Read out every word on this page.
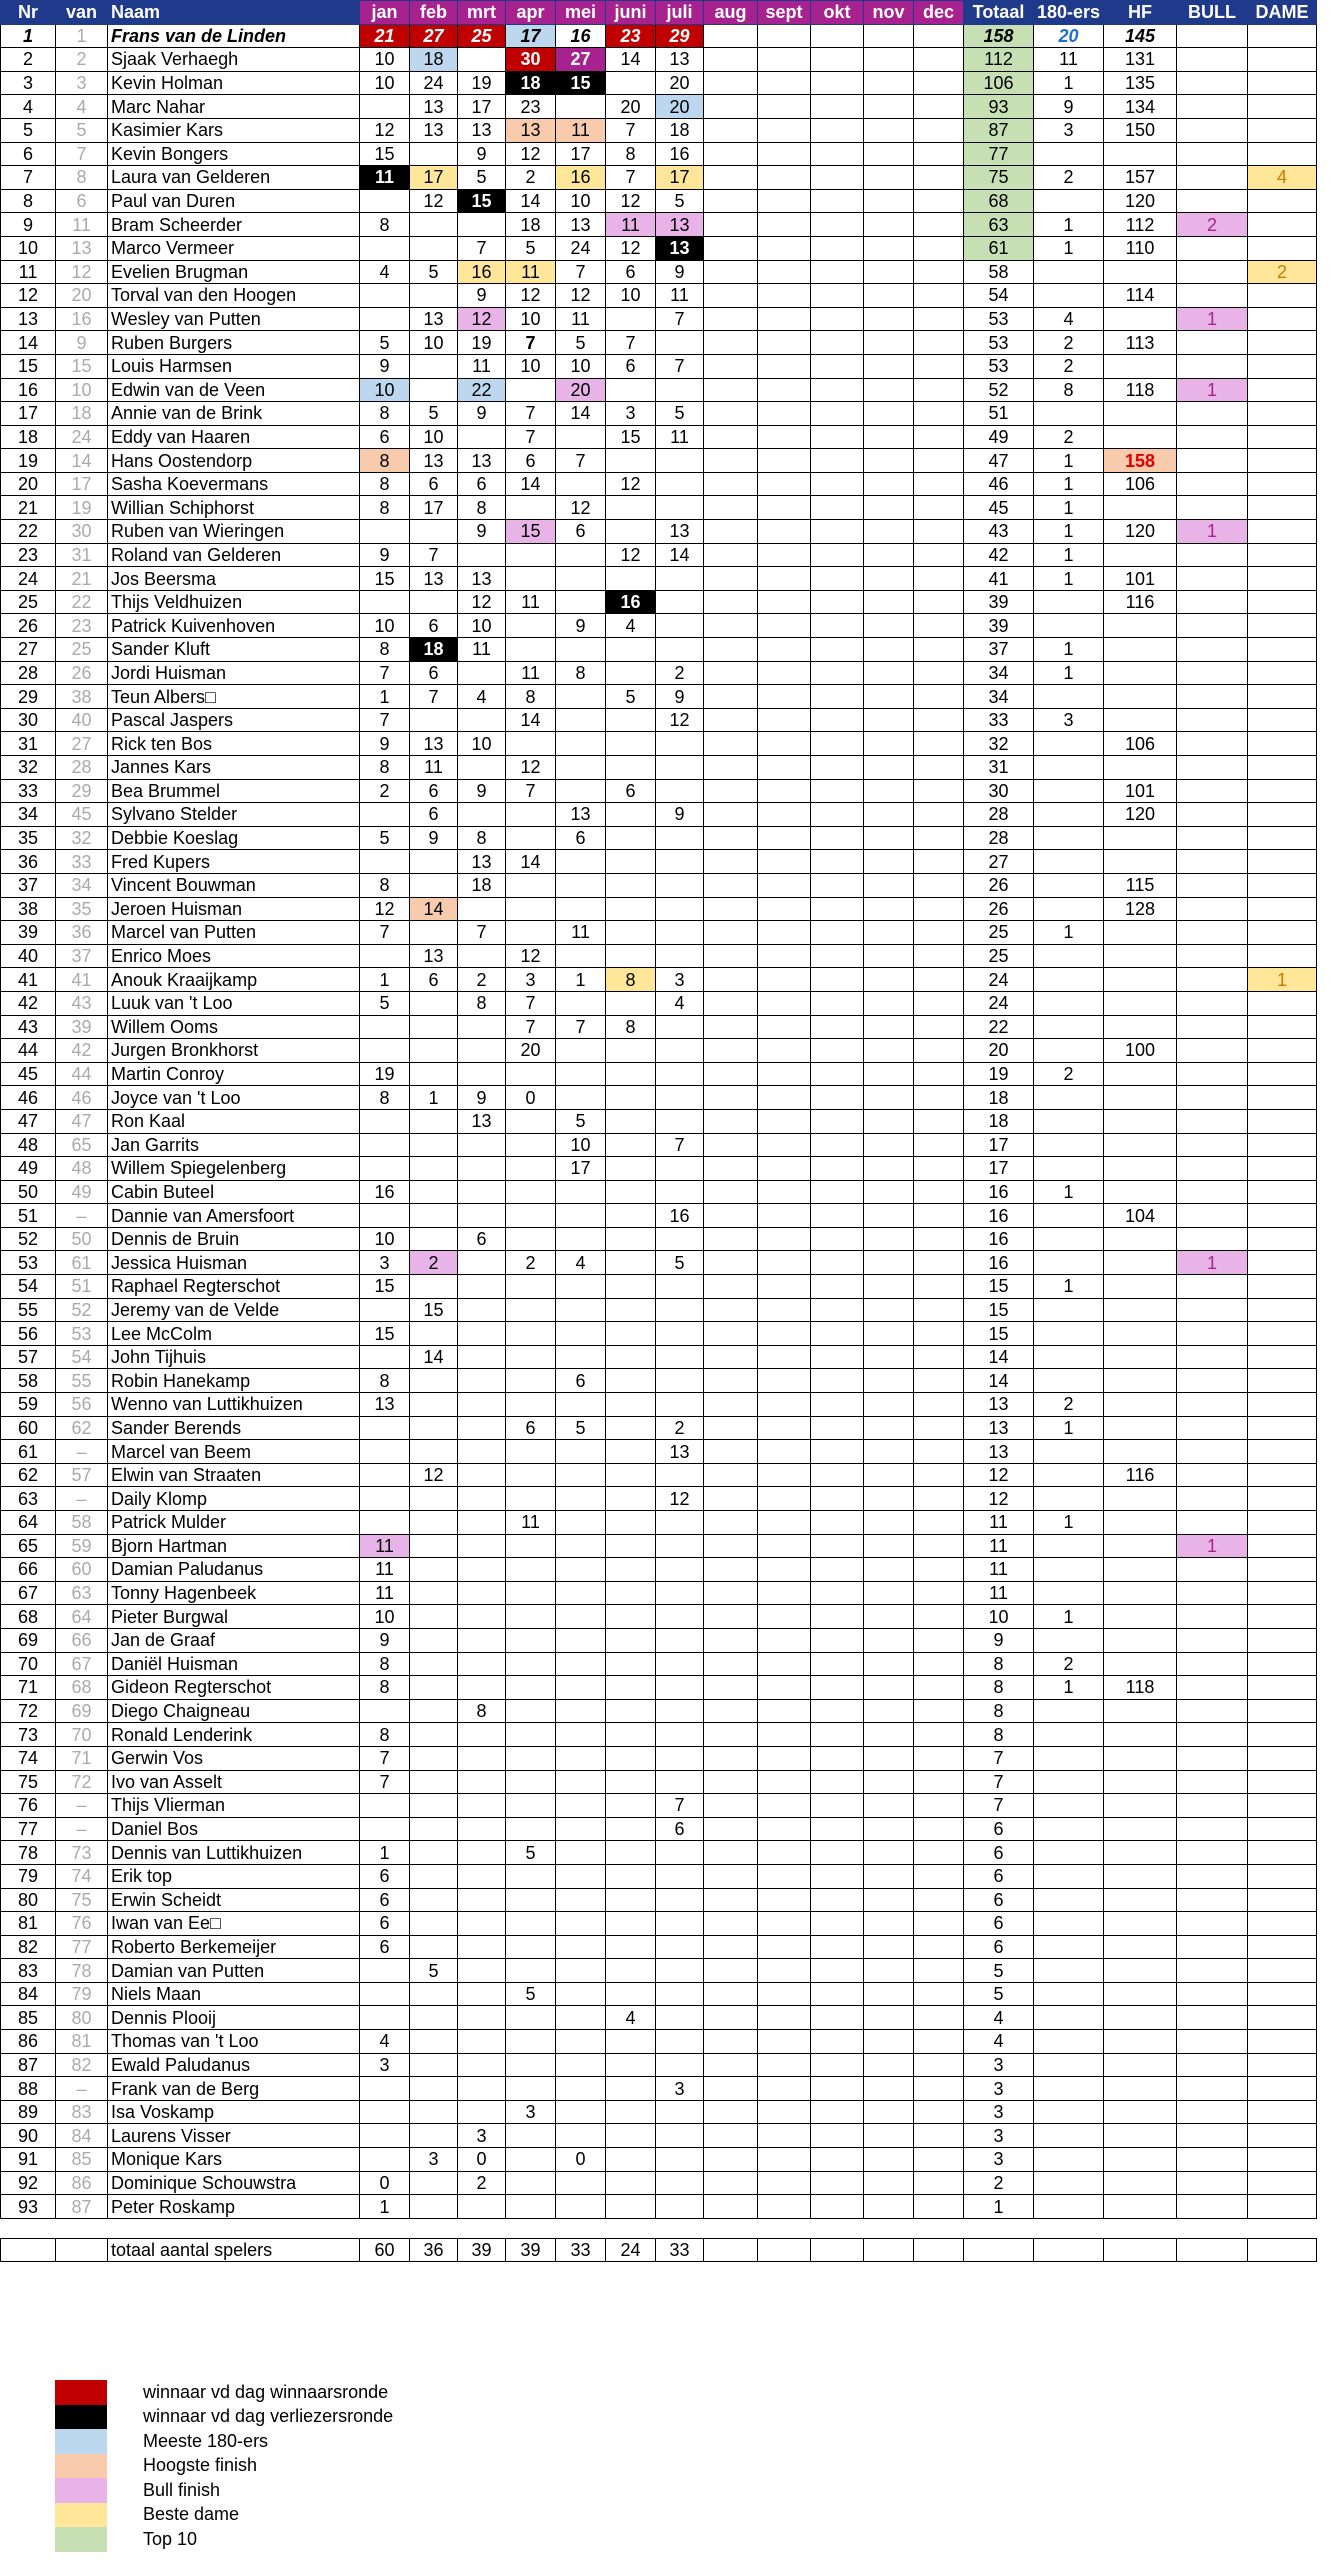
Nr	van	Naam	jan	feb	mrt	apr	mei	juni	juli	aug	sept	okt	nov	dec	Totaal	180-ers	HF	BULL	DAME
1	1	Frans van de Linden	21	27	25	17	16	23	29						158	20	145		
2	2	Sjaak Verhaegh	10	18		30	27	14	13						112	11	131		
3	3	Kevin Holman	10	24	19	18	15		20						106	1	135		
4	4	Marc Nahar		13	17	23		20	20						93	9	134		
5	5	Kasimier Kars	12	13	13	13	11	7	18						87	3	150		
6	7	Kevin Bongers	15		9	12	17	8	16						77				
7	8	Laura van Gelderen	11	17	5	2	16	7	17						75	2	157		4
8	6	Paul van Duren		12	15	14	10	12	5						68		120		
9	11	Bram Scheerder	8			18	13	11	13						63	1	112	2	
10	13	Marco Vermeer			7	5	24	12	13						61	1	110		
11	12	Evelien Brugman	4	5	16	11	7	6	9						58				2
12	20	Torval van den Hoogen			9	12	12	10	11						54		114		
13	16	Wesley van Putten		13	12	10	11		7						53	4		1	
14	9	Ruben Burgers	5	10	19	7	5	7							53	2	113		
15	15	Louis Harmsen	9		11	10	10	6	7						53	2			
16	10	Edwin van de Veen	10		22		20								52	8	118	1	
17	18	Annie van de Brink	8	5	9	7	14	3	5						51				
18	24	Eddy van Haaren	6	10		7		15	11						49	2			
19	14	Hans Oostendorp	8	13	13	6	7								47	1	158		
20	17	Sasha Koevermans	8	6	6	14		12							46	1	106		
21	19	Willian Schiphorst	8	17	8		12								45	1			
22	30	Ruben van Wieringen			9	15	6		13						43	1	120	1	
23	31	Roland van Gelderen	9	7				12	14						42	1			
24	21	Jos Beersma	15	13	13										41	1	101		
25	22	Thijs Veldhuizen			12	11		16							39		116		
26	23	Patrick Kuivenhoven	10	6	10		9	4							39				
27	25	Sander Kluft	8	18	11										37	1			
28	26	Jordi Huisman	7	6		11	8		2						34	1			
29	38	Teun Albers□	1	7	4	8		5	9						34				
30	40	Pascal Jaspers	7			14			12						33	3			
31	27	Rick ten Bos	9	13	10										32		106		
32	28	Jannes Kars	8	11		12									31				
33	29	Bea Brummel	2	6	9	7		6							30		101		
34	45	Sylvano Stelder		6			13		9						28		120		
35	32	Debbie Koeslag	5	9	8		6								28				
36	33	Fred Kupers			13	14									27				
37	34	Vincent Bouwman	8		18										26		115		
38	35	Jeroen Huisman	12	14											26		128		
39	36	Marcel van Putten	7		7		11								25	1			
40	37	Enrico Moes		13		12									25				
41	41	Anouk Kraaijkamp	1	6	2	3	1	8	3						24				1
42	43	Luuk van 't Loo	5		8	7			4						24				
43	39	Willem Ooms				7	7	8							22				
44	42	Jurgen Bronkhorst				20									20		100		
45	44	Martin Conroy	19												19	2			
46	46	Joyce van 't Loo	8	1	9	0									18				
47	47	Ron Kaal			13		5								18				
48	65	Jan Garrits					10		7						17				
49	48	Willem Spiegelenberg					17								17				
50	49	Cabin Buteel	16												16	1			
51	–	Dannie van Amersfoort							16						16		104		
52	50	Dennis de Bruin	10		6										16				
53	61	Jessica Huisman	3	2		2	4		5						16			1	
54	51	Raphael Regterschot	15												15	1			
55	52	Jeremy van de Velde		15											15				
56	53	Lee McColm	15												15				
57	54	John Tijhuis		14											14				
58	55	Robin Hanekamp	8				6								14				
59	56	Wenno van Luttikhuizen	13												13	2			
60	62	Sander Berends				6	5		2						13	1			
61	–	Marcel van Beem							13						13				
62	57	Elwin van Straaten		12											12		116		
63	–	Daily Klomp							12						12				
64	58	Patrick Mulder				11									11	1			
65	59	Bjorn Hartman	11												11			1	
66	60	Damian Paludanus	11												11				
67	63	Tonny Hagenbeek	11												11				
68	64	Pieter Burgwal	10												10	1			
69	66	Jan de Graaf	9												9				
70	67	Daniël Huisman	8												8	2			
71	68	Gideon Regterschot	8												8	1	118		
72	69	Diego Chaigneau			8										8				
73	70	Ronald Lenderink	8												8				
74	71	Gerwin Vos	7												7				
75	72	Ivo van Asselt	7												7				
76	–	Thijs Vlierman							7						7				
77	–	Daniel Bos							6						6				
78	73	Dennis van Luttikhuizen	1			5									6				
79	74	Erik top	6												6				
80	75	Erwin Scheidt	6												6				
81	76	Iwan van Ee□	6												6				
82	77	Roberto Berkemeijer	6												6				
83	78	Damian van Putten		5											5				
84	79	Niels Maan				5									5				
85	80	Dennis Plooij						4							4				
86	81	Thomas van 't Loo	4												4				
87	82	Ewald Paludanus	3												3				
88	–	Frank van de Berg							3						3				
89	83	Isa Voskamp				3									3				
90	84	Laurens Visser			3										3				
91	85	Monique Kars		3	0		0								3				
92	86	Dominique Schouwstra	0		2										2				
93	87	Peter Roskamp	1												1				

		totaal aantal spelers	60	36	39	39	33	24	33										
winnaar vd dag winnaarsronde
winnaar vd dag verliezersronde
Meeste 180-ers
Hoogste finish
Bull finish
Beste dame
Top 10
